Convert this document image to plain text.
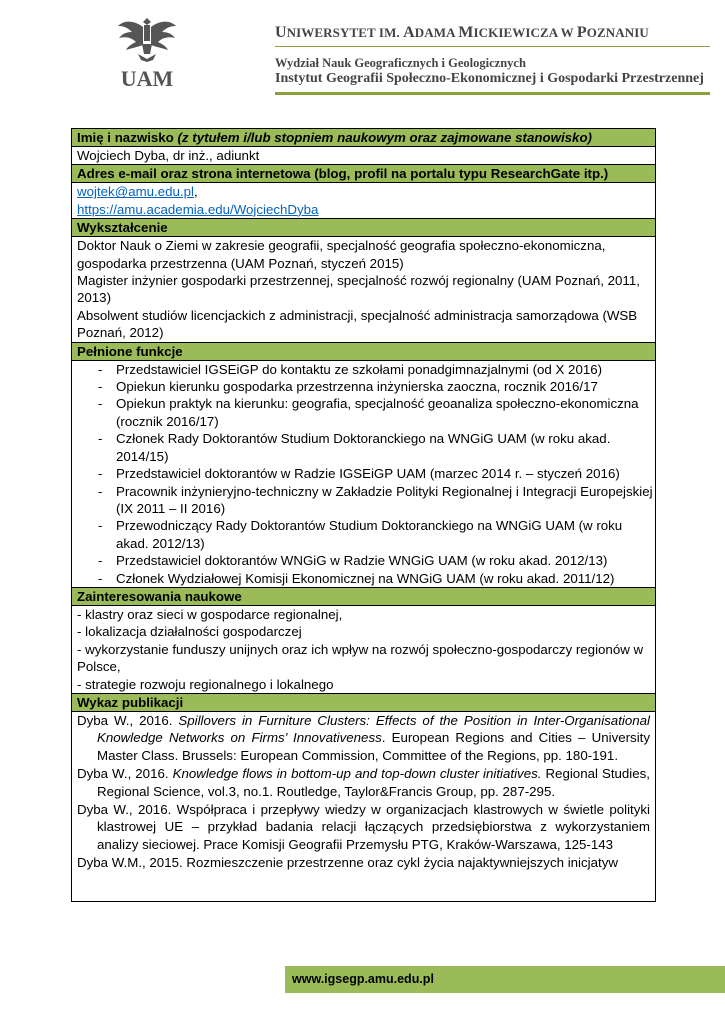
UAM
UNIWERSYTET IM. ADAMA MICKIEWICZA W POZNANIU
Wydział Nauk Geograficznych i Geologicznych
Instytut Geografii Społeczno-Ekonomicznej i Gospodarki Przestrzennej
Imię i nazwisko (z tytułem i/lub stopniem naukowym oraz zajmowane stanowisko)
Wojciech Dyba, dr inż., adiunkt
Adres e-mail oraz strona internetowa (blog, profil na portalu typu ResearchGate itp.)
wojtek@amu.edu.pl,
https://amu.academia.edu/WojciechDyba
Wykształcenie
Doktor Nauk o Ziemi w zakresie geografii, specjalność geografia społeczno-ekonomiczna, gospodarka przestrzenna (UAM Poznań, styczeń 2015)
Magister inżynier gospodarki przestrzennej, specjalność rozwój regionalny (UAM Poznań, 2011, 2013)
Absolwent studiów licencjackich z administracji, specjalność administracja samorządowa (WSB Poznań, 2012)
Pełnione funkcje
- Przedstawiciel IGSEiGP do kontaktu ze szkołami ponadgimnazjalnymi (od X 2016)
- Opiekun kierunku gospodarka przestrzenna inżynierska zaoczna, rocznik 2016/17
- Opiekun praktyk na kierunku: geografia, specjalność geoanaliza społeczno-ekonomiczna (rocznik 2016/17)
- Członek Rady Doktorantów Studium Doktoranckiego na WNGiG UAM (w roku akad. 2014/15)
- Przedstawiciel doktorantów w Radzie IGSEiGP UAM (marzec 2014 r. – styczeń 2016)
- Pracownik inżynieryjno-techniczny w Zakładzie Polityki Regionalnej i Integracji Europejskiej (IX 2011 – II 2016)
- Przewodniczący Rady Doktorantów Studium Doktoranckiego na WNGiG UAM (w roku akad. 2012/13)
- Przedstawiciel doktorantów WNGiG w Radzie WNGiG UAM (w roku akad. 2012/13)
- Członek Wydziałowej Komisji Ekonomicznej na WNGiG UAM (w roku akad. 2011/12)
Zainteresowania naukowe
- klastry oraz sieci w gospodarce regionalnej,
- lokalizacja działalności gospodarczej
- wykorzystanie funduszy unijnych oraz ich wpływ na rozwój społeczno-gospodarczy regionów w Polsce,
- strategie rozwoju regionalnego i lokalnego
Wykaz publikacji

Dyba W., 2016. Spillovers in Furniture Clusters: Effects of the Position in Inter-Organisational Knowledge Networks on Firms’ Innovativeness. European Regions and Cities – University Master Class. Brussels: European Commission, Committee of the Regions, pp. 180-191.

Dyba W., 2016. Knowledge flows in bottom-up and top-down cluster initiatives. Regional Studies, Regional Science, vol.3, no.1. Routledge, Taylor&Francis Group, pp. 287-295.

Dyba W., 2016. Współpraca i przepływy wiedzy w organizacjach klastrowych w świetle polityki klastrowej UE – przykład badania relacji łączących przedsiębiorstwa z wykorzystaniem analizy sieciowej. Prace Komisji Geografii Przemysłu PTG, Kraków-Warszawa, 125-143

Dyba W.M., 2015. Rozmieszczenie przestrzenne oraz cykl życia najaktywniejszych inicjatyw

www.igsegp.amu.edu.pl
